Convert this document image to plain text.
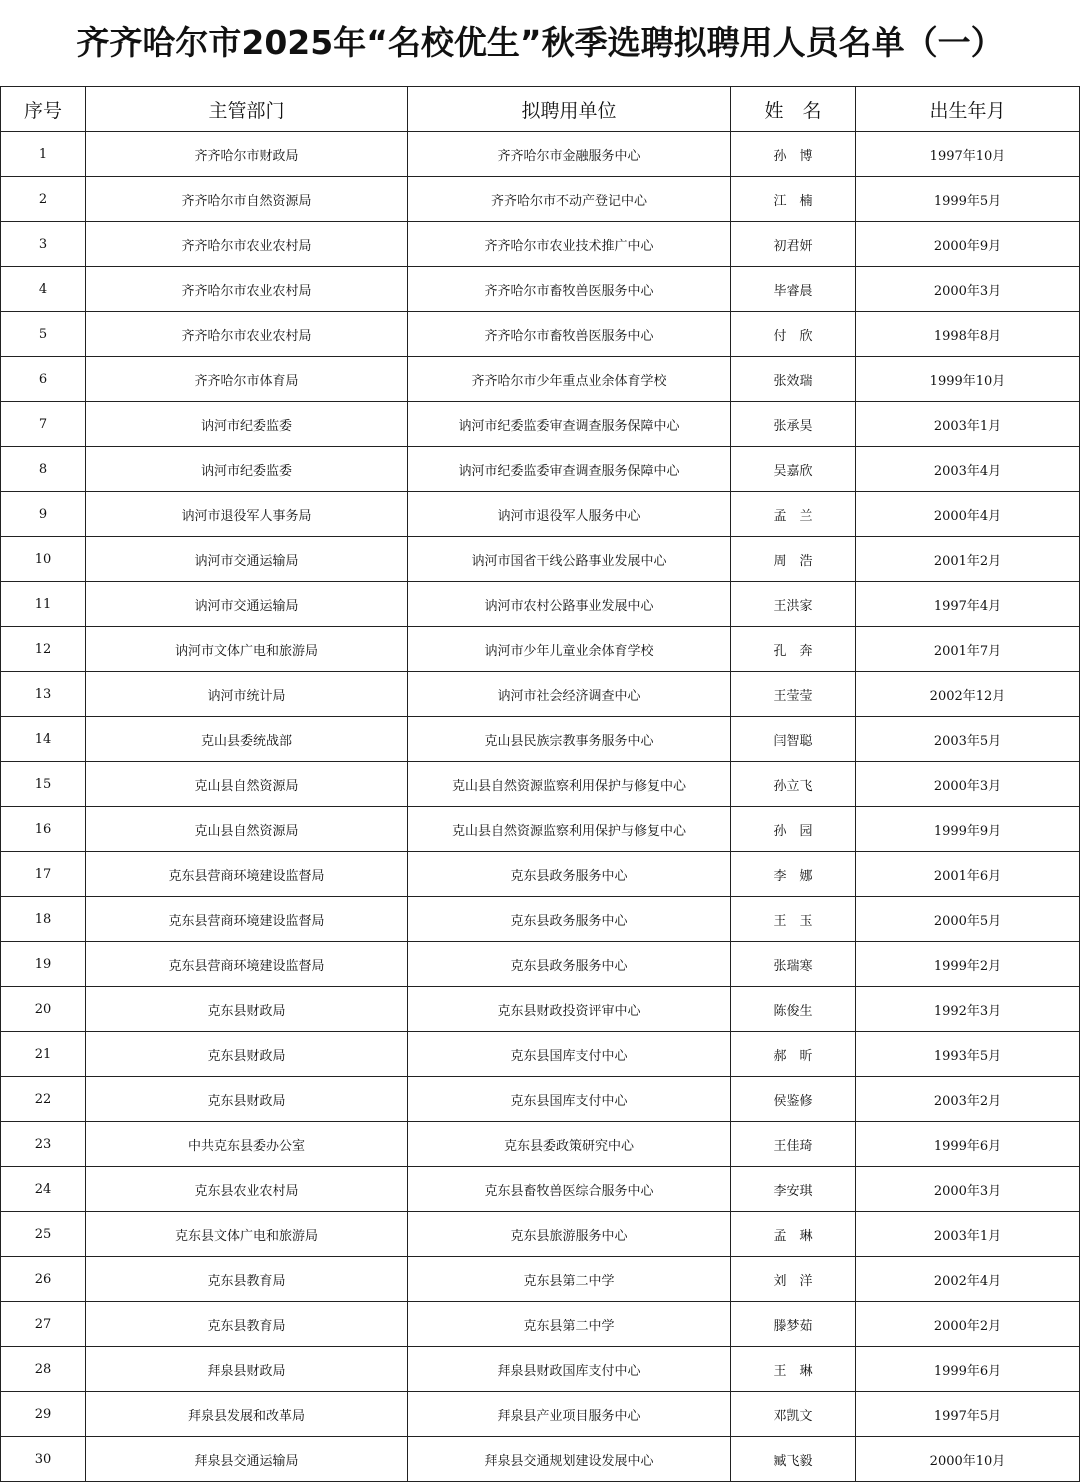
齐齐哈尔市2025年“名校优生”秋季选聘拟聘用人员名单（一）
序号	主管部门	拟聘用单位	姓　名	出生年月
1	齐齐哈尔市财政局	齐齐哈尔市金融服务中心	孙　博	1997年10月
2	齐齐哈尔市自然资源局	齐齐哈尔市不动产登记中心	江　楠	1999年5月
3	齐齐哈尔市农业农村局	齐齐哈尔市农业技术推广中心	初君妍	2000年9月
4	齐齐哈尔市农业农村局	齐齐哈尔市畜牧兽医服务中心	毕睿晨	2000年3月
5	齐齐哈尔市农业农村局	齐齐哈尔市畜牧兽医服务中心	付　欣	1998年8月
6	齐齐哈尔市体育局	齐齐哈尔市少年重点业余体育学校	张效瑞	1999年10月
7	讷河市纪委监委	讷河市纪委监委审查调查服务保障中心	张承昊	2003年1月
8	讷河市纪委监委	讷河市纪委监委审查调查服务保障中心	吴嘉欣	2003年4月
9	讷河市退役军人事务局	讷河市退役军人服务中心	孟　兰	2000年4月
10	讷河市交通运输局	讷河市国省干线公路事业发展中心	周　浩	2001年2月
11	讷河市交通运输局	讷河市农村公路事业发展中心	王洪家	1997年4月
12	讷河市文体广电和旅游局	讷河市少年儿童业余体育学校	孔　奔	2001年7月
13	讷河市统计局	讷河市社会经济调查中心	王莹莹	2002年12月
14	克山县委统战部	克山县民族宗教事务服务中心	闫智聪	2003年5月
15	克山县自然资源局	克山县自然资源监察利用保护与修复中心	孙立飞	2000年3月
16	克山县自然资源局	克山县自然资源监察利用保护与修复中心	孙　园	1999年9月
17	克东县营商环境建设监督局	克东县政务服务中心	李　娜	2001年6月
18	克东县营商环境建设监督局	克东县政务服务中心	王　玉	2000年5月
19	克东县营商环境建设监督局	克东县政务服务中心	张瑞寒	1999年2月
20	克东县财政局	克东县财政投资评审中心	陈俊生	1992年3月
21	克东县财政局	克东县国库支付中心	郝　昕	1993年5月
22	克东县财政局	克东县国库支付中心	侯鉴修	2003年2月
23	中共克东县委办公室	克东县委政策研究中心	王佳琦	1999年6月
24	克东县农业农村局	克东县畜牧兽医综合服务中心	李安琪	2000年3月
25	克东县文体广电和旅游局	克东县旅游服务中心	孟　琳	2003年1月
26	克东县教育局	克东县第二中学	刘　洋	2002年4月
27	克东县教育局	克东县第二中学	滕梦茹	2000年2月
28	拜泉县财政局	拜泉县财政国库支付中心	王　琳	1999年6月
29	拜泉县发展和改革局	拜泉县产业项目服务中心	邓凯文	1997年5月
30	拜泉县交通运输局	拜泉县交通规划建设发展中心	臧飞毅	2000年10月
